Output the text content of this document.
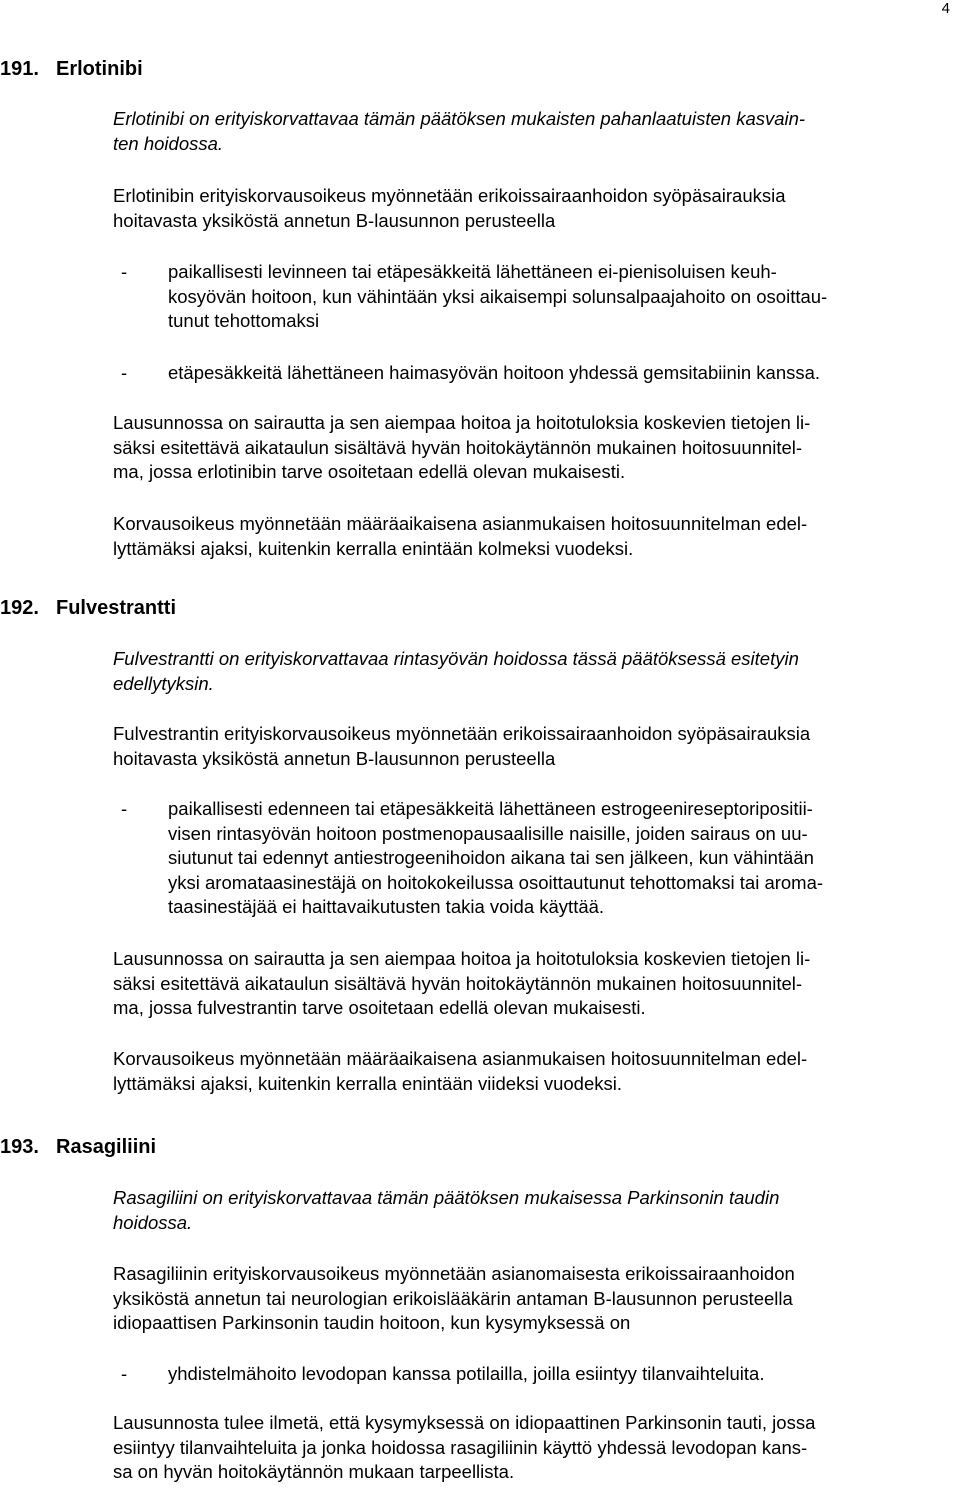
4
191. Erlotinibi

Erlotinibi on erityiskorvattavaa tämän päätöksen mukaisten pahanlaatuisten kasvain-
ten hoidossa.

Erlotinibin erityiskorvausoikeus myönnetään erikoissairaanhoidon syöpäsairauksia
hoitavasta yksiköstä annetun B-lausunnon perusteella

- paikallisesti levinneen tai etäpesäkkeitä lähettäneen ei-pienisoluisen keuh-
kosyövän hoitoon, kun vähintään yksi aikaisempi solunsalpaajahoito on osoittau-
tunut tehottomaksi
- etäpesäkkeitä lähettäneen haimasyövän hoitoon yhdessä gemsitabiinin kanssa.

Lausunnossa on sairautta ja sen aiempaa hoitoa ja hoitotuloksia koskevien tietojen li-
säksi esitettävä aikataulun sisältävä hyvän hoitokäytännön mukainen hoitosuunnitel-
ma, jossa erlotinibin tarve osoitetaan edellä olevan mukaisesti.

Korvausoikeus myönnetään määräaikaisena asianmukaisen hoitosuunnitelman edel-
lyttämäksi ajaksi, kuitenkin kerralla enintään kolmeksi vuodeksi.

192. Fulvestrantti

Fulvestrantti on erityiskorvattavaa rintasyövän hoidossa tässä päätöksessä esitetyin
edellytyksin.

Fulvestrantin erityiskorvausoikeus myönnetään erikoissairaanhoidon syöpäsairauksia
hoitavasta yksiköstä annetun B-lausunnon perusteella

- paikallisesti edenneen tai etäpesäkkeitä lähettäneen estrogeenireseptoripositii-
visen rintasyövän hoitoon postmenopausaalisille naisille, joiden sairaus on uu-
siutunut tai edennyt antiestrogeenihoidon aikana tai sen jälkeen, kun vähintään
yksi aromataasinestäjä on hoitokokeilussa osoittautunut tehottomaksi tai aroma-
taasinestäjää ei haittavaikutusten takia voida käyttää.

Lausunnossa on sairautta ja sen aiempaa hoitoa ja hoitotuloksia koskevien tietojen li-
säksi esitettävä aikataulun sisältävä hyvän hoitokäytännön mukainen hoitosuunnitel-
ma, jossa fulvestrantin tarve osoitetaan edellä olevan mukaisesti.

Korvausoikeus myönnetään määräaikaisena asianmukaisen hoitosuunnitelman edel-
lyttämäksi ajaksi, kuitenkin kerralla enintään viideksi vuodeksi.

193. Rasagiliini

Rasagiliini on erityiskorvattavaa tämän päätöksen mukaisessa Parkinsonin taudin
hoidossa.

Rasagiliinin erityiskorvausoikeus myönnetään asianomaisesta erikoissairaanhoidon
yksiköstä annetun tai neurologian erikoislääkärin antaman B-lausunnon perusteella
idiopaattisen Parkinsonin taudin hoitoon, kun kysymyksessä on

- yhdistelmähoito levodopan kanssa potilailla, joilla esiintyy tilanvaihteluita.

Lausunnosta tulee ilmetä, että kysymyksessä on idiopaattinen Parkinsonin tauti, jossa
esiintyy tilanvaihteluita ja jonka hoidossa rasagiliinin käyttö yhdessä levodopan kans-
sa on hyvän hoitokäytännön mukaan tarpeellista.
